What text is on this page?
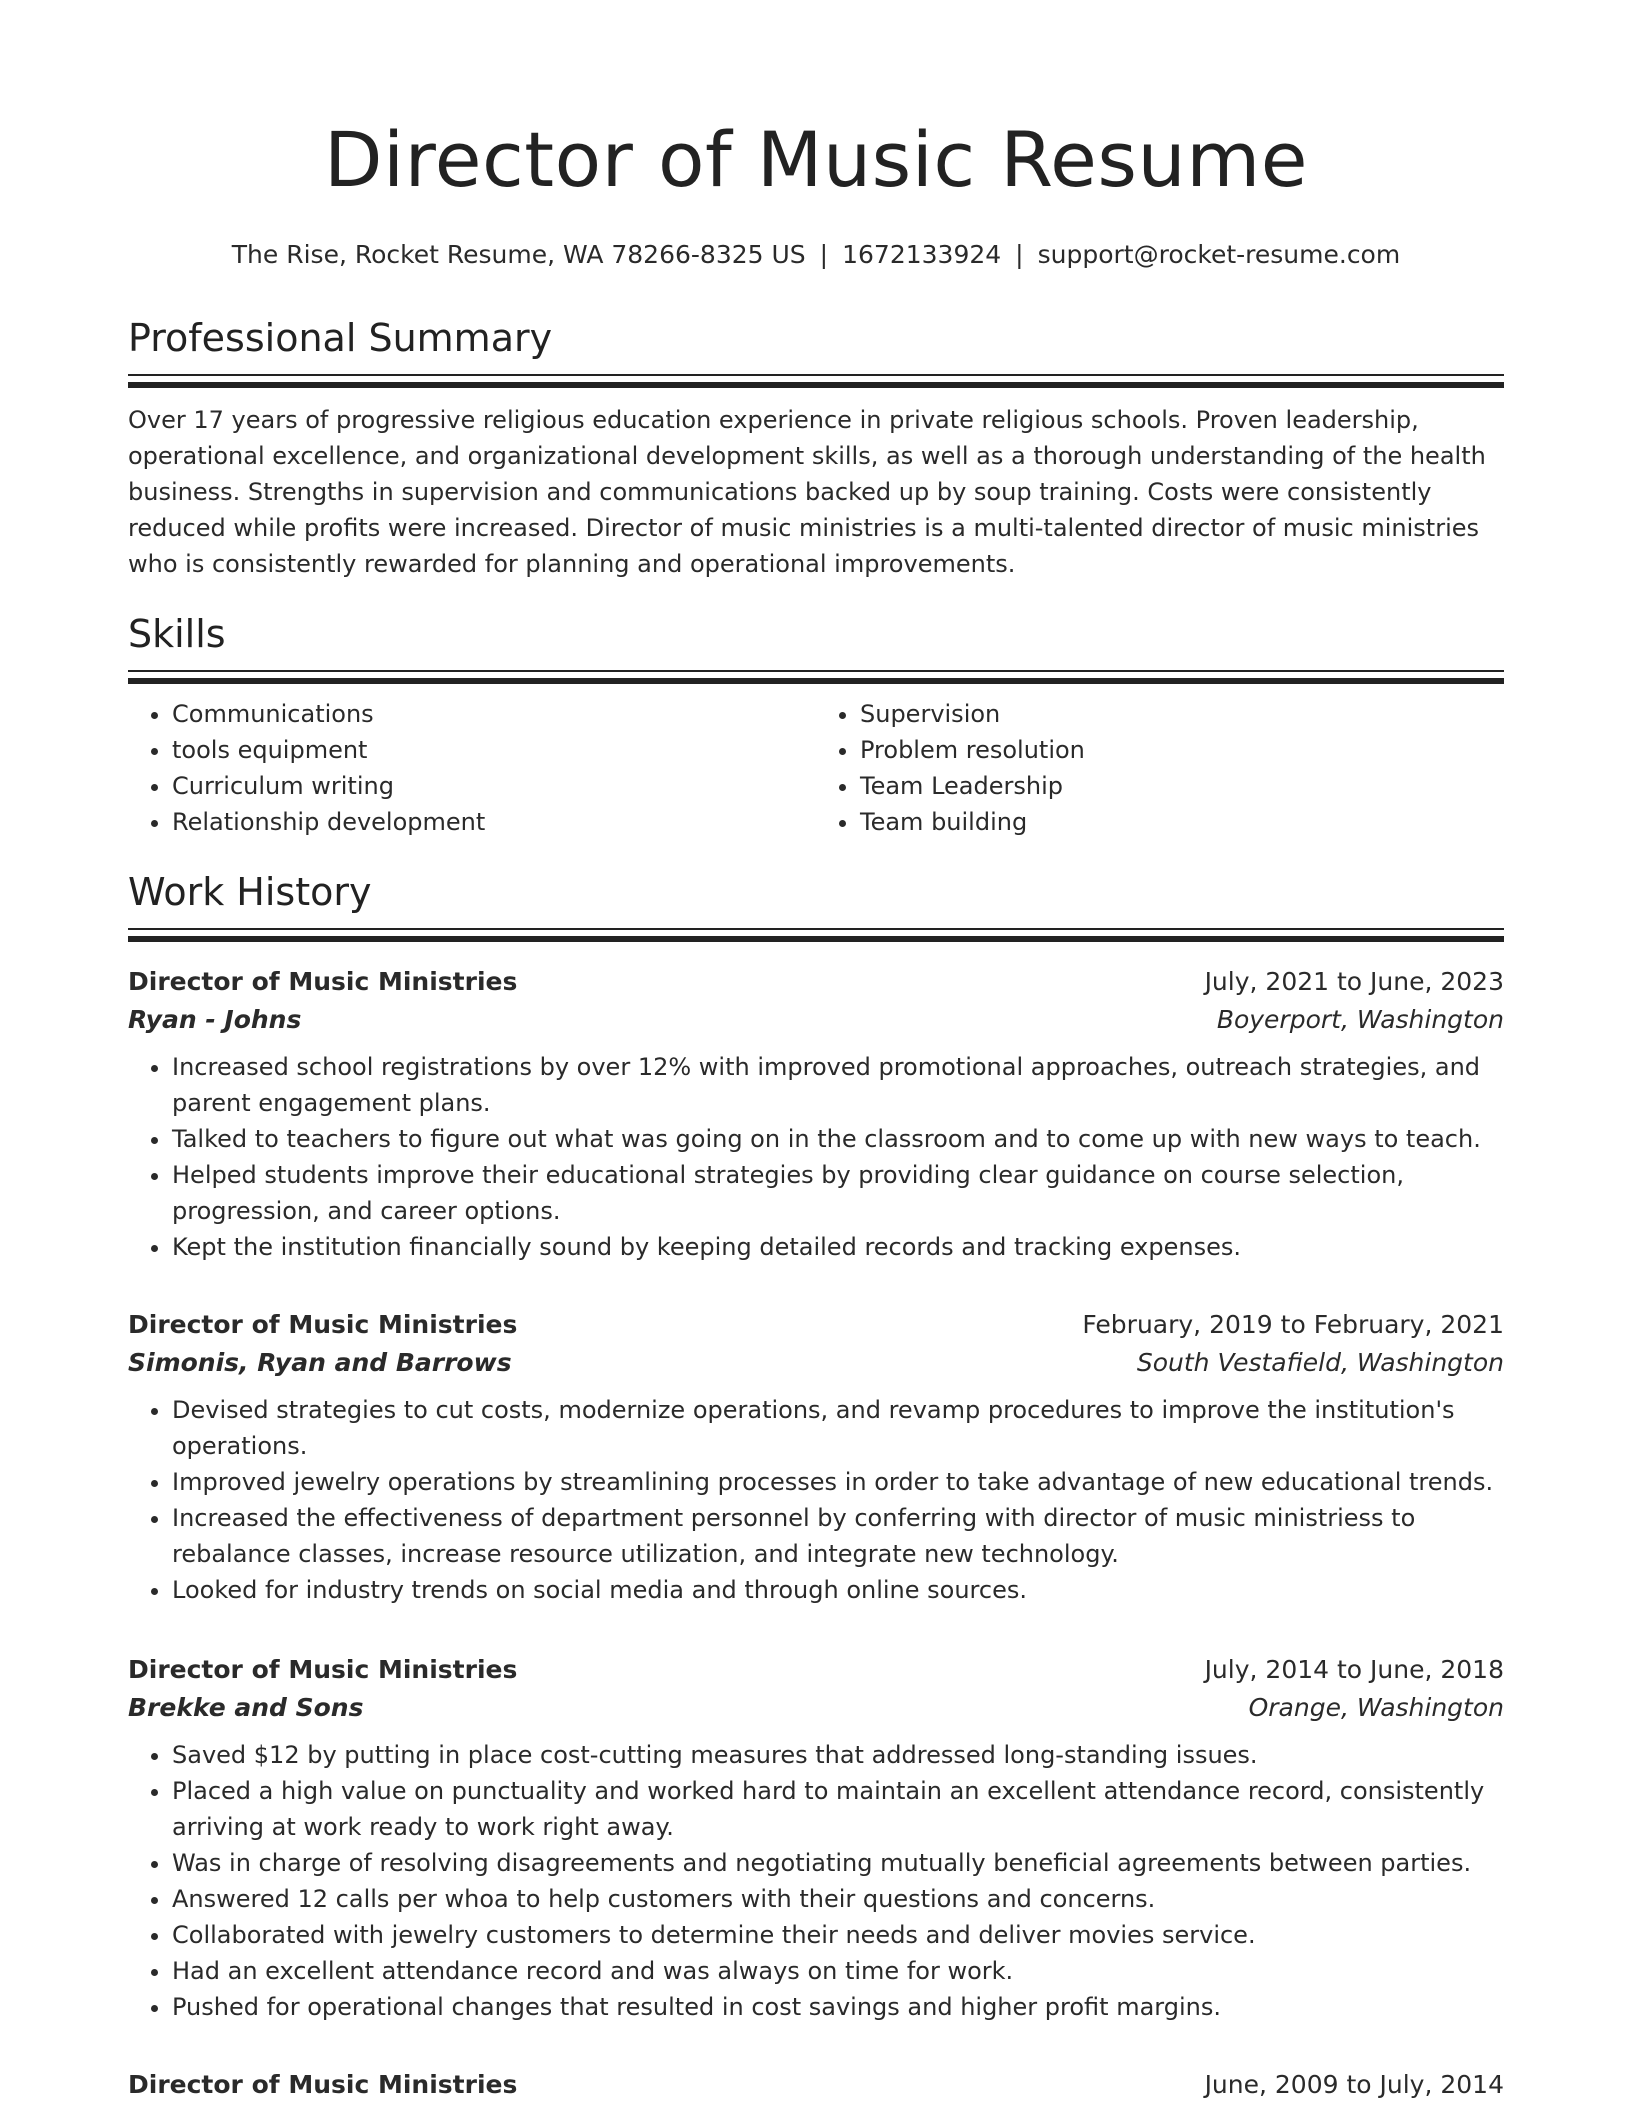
Director of Music Resume
The Rise, Rocket Resume, WA 78266-8325 US | 1672133924 | support@rocket-resume.com
Professional Summary

Over 17 years of progressive religious education experience in private religious schools. Proven leadership, operational excellence, and organizational development skills, as well as a thorough understanding of the health business. Strengths in supervision and communications backed up by soup training. Costs were consistently reduced while profits were increased. Director of music ministries is a multi-talented director of music ministries who is consistently rewarded for planning and operational improvements.

Skills
• Communications
• tools equipment
• Curriculum writing
• Relationship development
• Supervision
• Problem resolution
• Team Leadership
• Team building
Work History
Director of Music Ministries	July, 2021 to June, 2023
Ryan - Johns	Boyerport, Washington
• Increased school registrations by over 12% with improved promotional approaches, outreach strategies, and parent engagement plans.
• Talked to teachers to figure out what was going on in the classroom and to come up with new ways to teach.
• Helped students improve their educational strategies by providing clear guidance on course selection, progression, and career options.
• Kept the institution financially sound by keeping detailed records and tracking expenses.
Director of Music Ministries	February, 2019 to February, 2021
Simonis, Ryan and Barrows	South Vestafield, Washington
• Devised strategies to cut costs, modernize operations, and revamp procedures to improve the institution's operations.
• Improved jewelry operations by streamlining processes in order to take advantage of new educational trends.
• Increased the effectiveness of department personnel by conferring with director of music ministriess to rebalance classes, increase resource utilization, and integrate new technology.
• Looked for industry trends on social media and through online sources.
Director of Music Ministries	July, 2014 to June, 2018
Brekke and Sons	Orange, Washington
• Saved $12 by putting in place cost-cutting measures that addressed long-standing issues.
• Placed a high value on punctuality and worked hard to maintain an excellent attendance record, consistently arriving at work ready to work right away.
• Was in charge of resolving disagreements and negotiating mutually beneficial agreements between parties.
• Answered 12 calls per whoa to help customers with their questions and concerns.
• Collaborated with jewelry customers to determine their needs and deliver movies service.
• Had an excellent attendance record and was always on time for work.
• Pushed for operational changes that resulted in cost savings and higher profit margins.
Director of Music Ministries	June, 2009 to July, 2014
